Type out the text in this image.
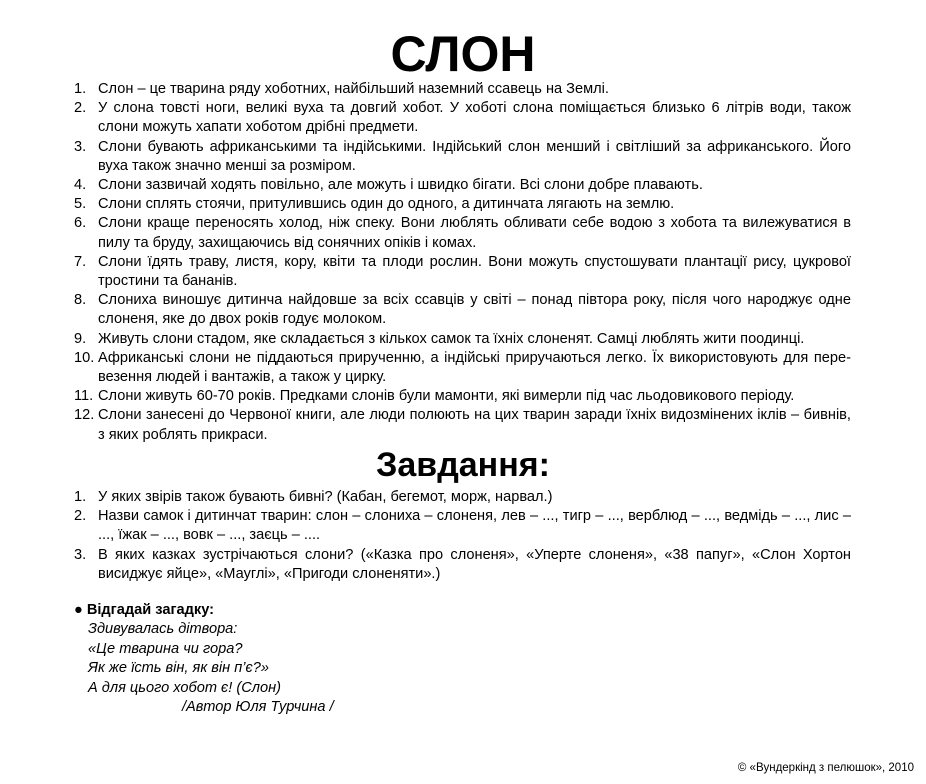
СЛОН
1. Слон – це тварина ряду хоботних, найбільший наземний ссавець на Землі.
2. У слона товсті ноги, великі вуха та довгий хобот. У хоботі слона поміщається близько 6 літрів води, також слони можуть хапати хоботом дрібні предмети.
3. Слони бувають африканськими та індійськими. Індійський слон менший і світліший за африканського. Його вуха також значно менші за розміром.
4. Слони зазвичай ходять повільно, але можуть і швидко бігати. Всі слони добре плавають.
5. Слони сплять стоячи, притулившись один до одного, а дитинчата лягають на землю.
6. Слони краще переносять холод, ніж спеку. Вони люблять обливати себе водою з хобота та вилежуватися в пилу та бруду, захищаючись від сонячних опіків і комах.
7. Слони їдять траву, листя, кору, квіти та плоди рослин. Вони можуть спустошувати плантації рису, цукрової тростини та бананів.
8. Слониха виношує дитинча найдовше за всіх ссавців у світі – понад півтора року, після чого народжує одне слоненя, яке до двох років годує молоком.
9. Живуть слони стадом, яке складається з кількох самок та їхніх слоненят. Самці люблять жити поодинці.
10. Африканські слони не піддаються прирученню, а індійські приручаються легко. Їх використовують для перевезення людей і вантажів, а також у цирку.
11. Слони живуть 60-70 років. Предками слонів були мамонти, які вимерли під час льодовикового періоду.
12. Слони занесені до Червоної книги, але люди полюють на цих тварин заради їхніх видозмінених іклів – бивнів, з яких роблять прикраси.
Завдання:
1. У яких звірів також бувають бивні? (Кабан, бегемот, морж, нарвал.)
2. Назви самок і дитинчат тварин: слон – слониха – слоненя, лев – ..., тигр – ..., верблюд – ..., ведмідь – ..., лис – ..., їжак – ..., вовк – ..., заєць – ....
3. В яких казках зустрічаються слони? («Казка про слоненя», «Уперте слоненя», «38 папуг», «Слон Хортон висиджує яйце», «Мауглі», «Пригоди слоненяти».)
● Відгадай загадку:
Здивувалась дітвора:
«Це тварина чи гора?
Як же їсть він, як він п’є?»
А для цього хобот є! (Слон)
/Автор Юля Турчина /
© «Вундеркінд з пелюшок», 2010
